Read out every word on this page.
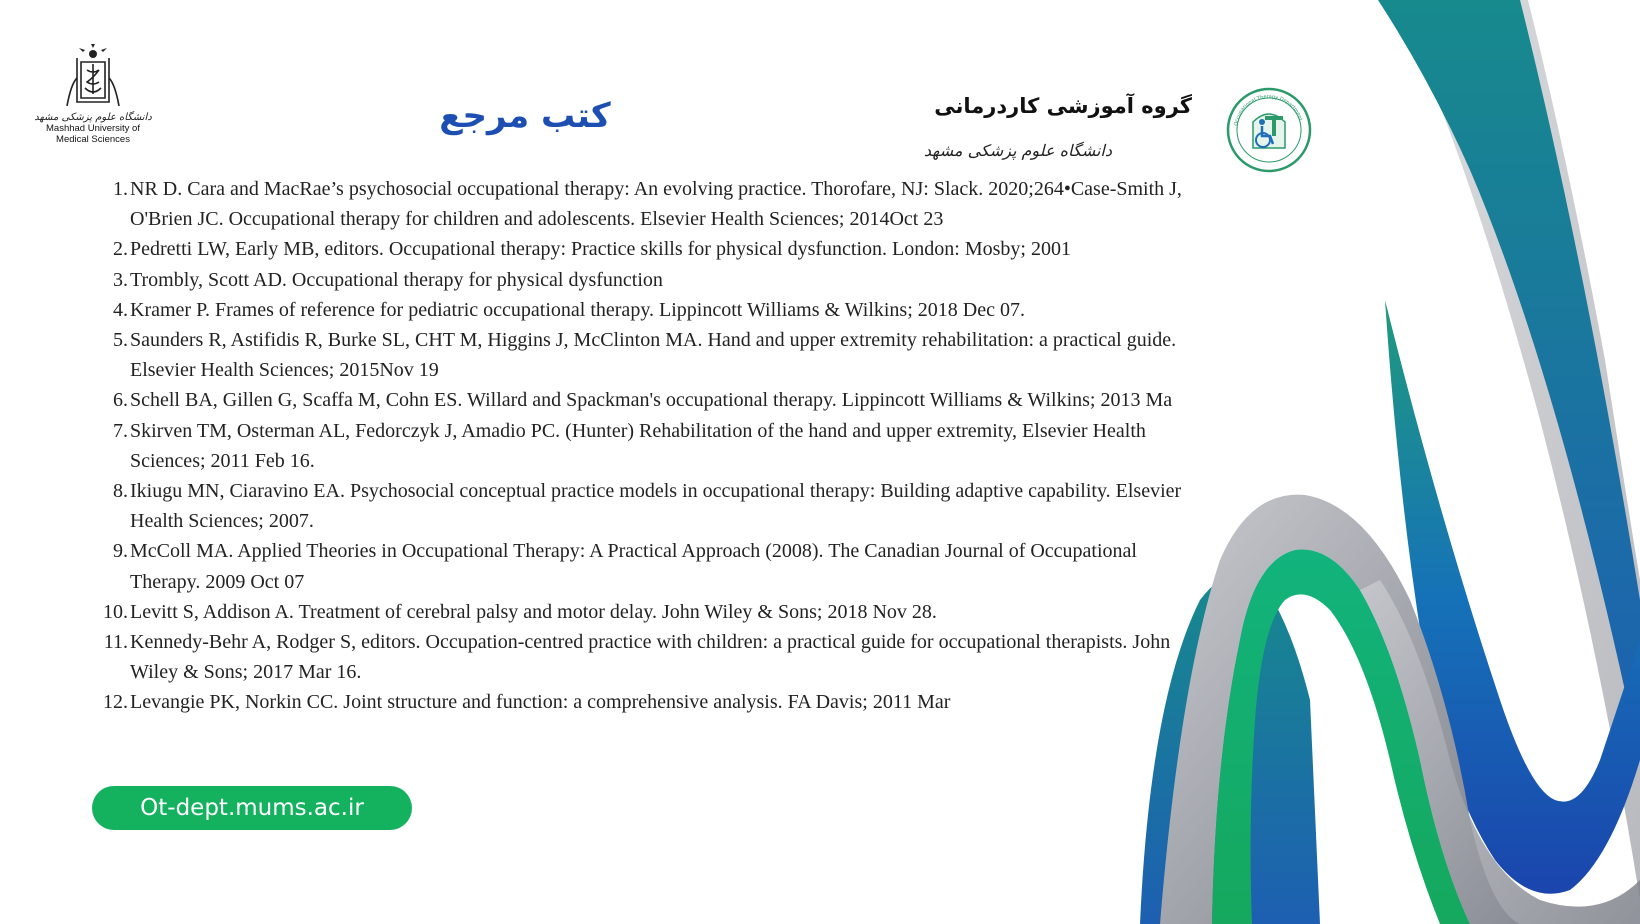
دانشگاه علوم پزشکی مشهد
Mashhad University of
Medical Sciences
کتب مرجع	گروه آموزشی کاردرمانی
دانشگاه علوم پزشکی مشهد
Occupational Therapy Department
1. NR D. Cara and MacRae’s psychosocial occupational therapy: An evolving practice. Thorofare, NJ: Slack. 2020;264•Case-Smith J, O'Brien JC. Occupational therapy for children and adolescents. Elsevier Health Sciences; 2014Oct 23
2. Pedretti LW, Early MB, editors. Occupational therapy: Practice skills for physical dysfunction. London: Mosby; 2001
3. Trombly, Scott AD. Occupational therapy for physical dysfunction
4. Kramer P. Frames of reference for pediatric occupational therapy. Lippincott Williams & Wilkins; 2018 Dec 07.
5. Saunders R, Astifidis R, Burke SL, CHT M, Higgins J, McClinton MA. Hand and upper extremity rehabilitation: a practical guide. Elsevier Health Sciences; 2015Nov 19
6. Schell BA, Gillen G, Scaffa M, Cohn ES. Willard and Spackman's occupational therapy. Lippincott Williams & Wilkins; 2013 Ma
7. Skirven TM, Osterman AL, Fedorczyk J, Amadio PC. (Hunter) Rehabilitation of the hand and upper extremity, Elsevier Health Sciences; 2011 Feb 16.
8. Ikiugu MN, Ciaravino EA. Psychosocial conceptual practice models in occupational therapy: Building adaptive capability. Elsevier Health Sciences; 2007.
9. McColl MA. Applied Theories in Occupational Therapy: A Practical Approach (2008). The Canadian Journal of Occupational Therapy. 2009 Oct 07
10. Levitt S, Addison A. Treatment of cerebral palsy and motor delay. John Wiley & Sons; 2018 Nov 28.
11. Kennedy-Behr A, Rodger S, editors. Occupation-centred practice with children: a practical guide for occupational therapists. John Wiley & Sons; 2017 Mar 16.
12. Levangie PK, Norkin CC. Joint structure and function: a comprehensive analysis. FA Davis; 2011 Mar
Ot-dept.mums.ac.ir
